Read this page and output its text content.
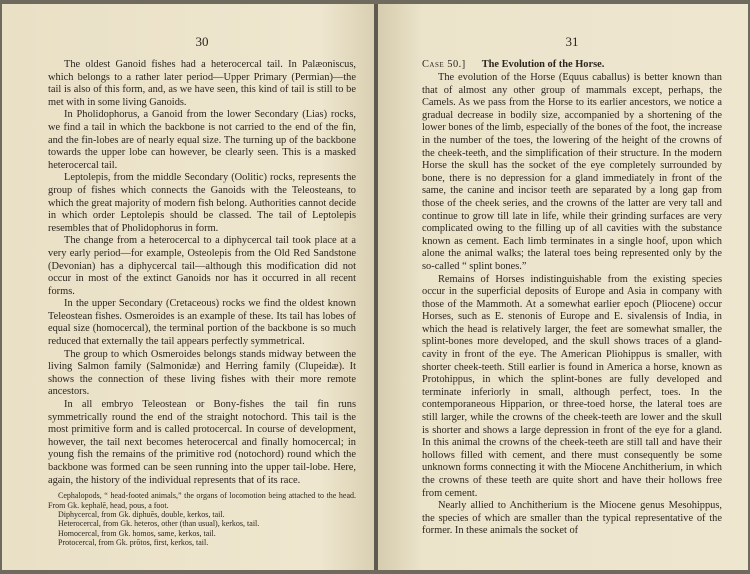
30

The oldest Ganoid fishes had a heterocercal tail. In Palæoniscus, which belongs to a rather later period—Upper Primary (Permian)—the tail is also of this form, and, as we have seen, this kind of tail is still to be met with in some living Ganoids.

In Pholidophorus, a Ganoid from the lower Secondary (Lias) rocks, we find a tail in which the backbone is not carried to the end of the fin, and the fin-lobes are of nearly equal size. The turning up of the backbone towards the upper lobe can however, be clearly seen. This is a masked heterocercal tail.

Leptolepis, from the middle Secondary (Oolitic) rocks, represents the group of fishes which connects the Ganoids with the Teleosteans, to which the great majority of modern fish belong. Authorities cannot decide in which order Leptolepis should be classed. The tail of Leptolepis resembles that of Pholidophorus in form.

The change from a heterocercal to a diphycercal tail took place at a very early period—for example, Osteolepis from the Old Red Sandstone (Devonian) has a diphycercal tail—although this modification did not occur in most of the extinct Ganoids nor has it occurred in all recent forms.

In the upper Secondary (Cretaceous) rocks we find the oldest known Teleostean fishes. Osmeroides is an example of these. Its tail has lobes of equal size (homocercal), the terminal portion of the backbone is so much reduced that externally the tail appears perfectly symmetrical.

The group to which Osmeroides belongs stands midway between the living Salmon family (Salmonidæ) and Herring family (Clupeidæ). It shows the connection of these living fishes with their more remote ancestors.

In all embryo Teleostean or Bony-fishes the tail fin runs symmetrically round the end of the straight notochord. This tail is the most primitive form and is called protocercal. In course of development, however, the tail next becomes heterocercal and finally homocercal; in young fish the remains of the primitive rod (notochord) round which the backbone was formed can be seen running into the upper tail-lobe. Here, again, the history of the individual represents that of its race.

Cephalopods, “ head-footed animals,” the organs of locomotion being attached to the head. From Gk. kephalē, head, pous, a foot.

Diphycercal, from Gk. diphuēs, double, kerkos, tail.

Heterocercal, from Gk. heteros, other (than usual), kerkos, tail.

Homocercal, from Gk. homos, same, kerkos, tail.

Protocercal, from Gk. prōtos, first, kerkos, tail.

31
Case 50.] The Evolution of the Horse.

The evolution of the Horse (Equus caballus) is better known than that of almost any other group of mammals except, perhaps, the Camels. As we pass from the Horse to its earlier ancestors, we notice a gradual decrease in bodily size, accompanied by a shortening of the lower bones of the limb, especially of the bones of the foot, the increase in the number of the toes, the lowering of the height of the crowns of the cheek-teeth, and the simplification of their structure. In the modern Horse the skull has the socket of the eye completely surrounded by bone, there is no depression for a gland immediately in front of the same, the canine and incisor teeth are separated by a long gap from those of the cheek series, and the crowns of the latter are very tall and continue to grow till late in life, while their grinding surfaces are very complicated owing to the filling up of all cavities with the substance known as cement. Each limb terminates in a single hoof, upon which alone the animal walks; the lateral toes being represented only by the so-called “ splint bones.”

Remains of Horses indistinguishable from the existing species occur in the superficial deposits of Europe and Asia in company with those of the Mammoth. At a somewhat earlier epoch (Pliocene) occur Horses, such as E. stenonis of Europe and E. sivalensis of India, in which the head is relatively larger, the feet are somewhat smaller, the splint-bones more developed, and the skull shows traces of a gland-cavity in front of the eye. The American Pliohippus is smaller, with shorter cheek-teeth. Still earlier is found in America a horse, known as Protohippus, in which the splint-bones are fully developed and terminate inferiorly in small, although perfect, toes. In the contemporaneous Hipparion, or three-toed horse, the lateral toes are still larger, while the crowns of the cheek-teeth are lower and the skull is shorter and shows a large depression in front of the eye for a gland. In this animal the crowns of the cheek-teeth are still tall and have their hollows filled with cement, and there must consequently be some unknown forms connecting it with the Miocene Anchitherium, in which the crowns of these teeth are quite short and have their hollows free from cement.

Nearly allied to Anchitherium is the Miocene genus Mesohippus, the species of which are smaller than the typical representative of the former. In these animals the socket of
